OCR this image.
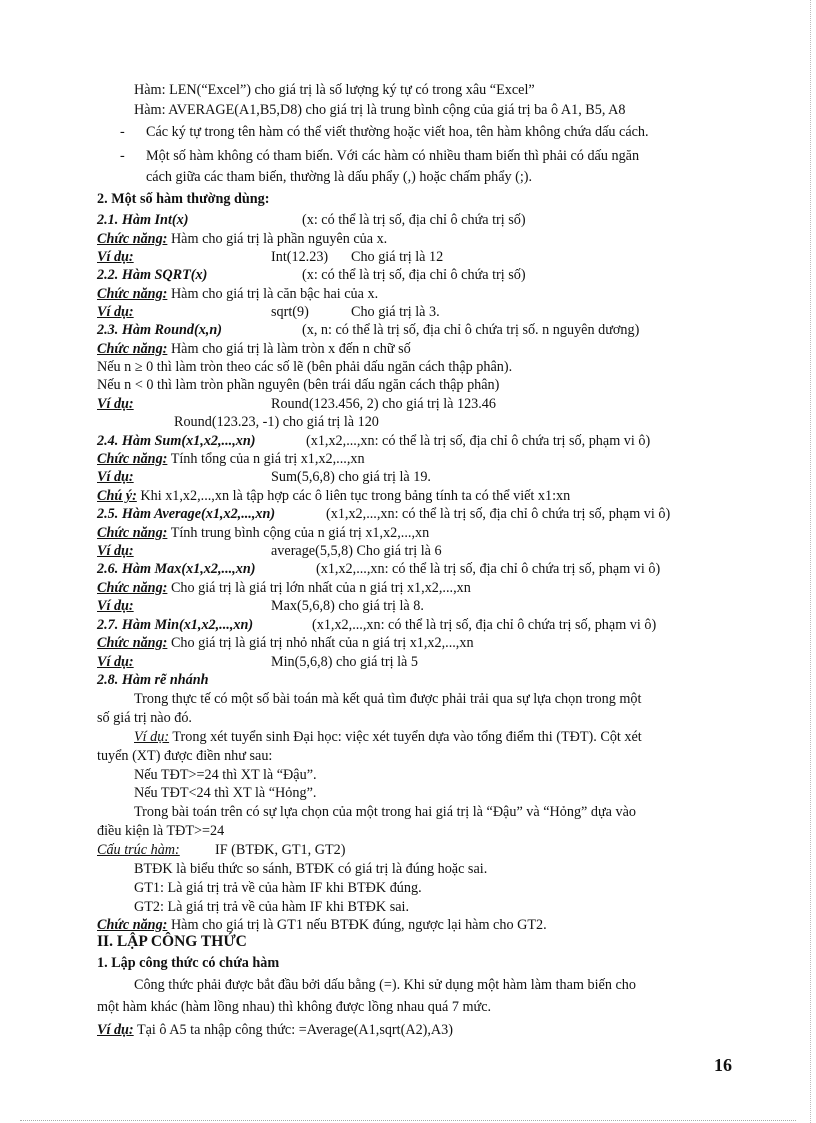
Hàm: LEN(“Excel”) cho giá trị là số lượng ký tự có trong xâu “Excel”
Hàm: AVERAGE(A1,B5,D8) cho giá trị là trung bình cộng của giá trị ba ô A1, B5, A8
- Các ký tự trong tên hàm có thể viết thường hoặc viết hoa, tên hàm không chứa dấu cách.
- Một số hàm không có tham biến. Với các hàm có nhiều tham biến thì phải có dấu ngăn
cách giữa các tham biến, thường là dấu phẩy (,) hoặc chấm phẩy (;).
2. Một số hàm thường dùng:
2.1. Hàm Int(x)	(x: có thể là trị số, địa chỉ ô chứa trị số)
Chức năng: Hàm cho giá trị là phần nguyên của x.
Ví dụ:	Int(12.23) Cho giá trị là 12
2.2. Hàm SQRT(x)	(x: có thể là trị số, địa chỉ ô chứa trị số)
Chức năng: Hàm cho giá trị là căn bậc hai của x.
Ví dụ:	sqrt(9)	Cho giá trị là 3.
2.3. Hàm Round(x,n)	(x, n: có thể là trị số, địa chỉ ô chứa trị số. n nguyên dương)
Chức năng: Hàm cho giá trị là làm tròn x đến n chữ số
Nếu n ≥ 0 thì làm tròn theo các số lẽ (bên phải dấu ngăn cách thập phân).
Nếu n < 0 thì làm tròn phần nguyên (bên trái dấu ngăn cách thập phân)
Ví dụ:	Round(123.456, 2) cho giá trị là 123.46
Round(123.23, -1) cho giá trị là 120
2.4. Hàm Sum(x1,x2,...,xn)	(x1,x2,...,xn: có thể là trị số, địa chỉ ô chứa trị số, phạm vi ô)
Chức năng: Tính tổng của n giá trị x1,x2,...,xn
Ví dụ:	Sum(5,6,8) cho giá trị là 19.
Chú ý: Khi x1,x2,...,xn là tập hợp các ô liên tục trong bảng tính ta có thể viết x1:xn
2.5. Hàm Average(x1,x2,...,xn)	(x1,x2,...,xn: có thể là trị số, địa chỉ ô chứa trị số, phạm vi ô)
Chức năng: Tính trung bình cộng của n giá trị x1,x2,...,xn
Ví dụ:	average(5,5,8) Cho giá trị là 6
2.6. Hàm Max(x1,x2,...,xn)	(x1,x2,...,xn: có thể là trị số, địa chỉ ô chứa trị số, phạm vi ô)
Chức năng: Cho giá trị là giá trị lớn nhất của n giá trị x1,x2,...,xn
Ví dụ:	Max(5,6,8) cho giá trị là 8.
2.7. Hàm Min(x1,x2,...,xn)	(x1,x2,...,xn: có thể là trị số, địa chỉ ô chứa trị số, phạm vi ô)
Chức năng: Cho giá trị là giá trị nhỏ nhất của n giá trị x1,x2,...,xn
Ví dụ:	Min(5,6,8) cho giá trị là 5
2.8. Hàm rẽ nhánh
Trong thực tế có một số bài toán mà kết quả tìm được phải trải qua sự lựa chọn trong một
số giá trị nào đó.
Ví dụ: Trong xét tuyển sinh Đại học: việc xét tuyển dựa vào tổng điểm thi (TĐT). Cột xét
tuyển (XT) được điền như sau:
Nếu TĐT>=24 thì XT là “Đậu”.
Nếu TĐT<24 thì XT là “Hỏng”.
Trong bài toán trên có sự lựa chọn của một trong hai giá trị là “Đậu” và “Hỏng” dựa vào
điều kiện là TĐT>=24
Cấu trúc hàm: IF (BTĐK, GT1, GT2)
BTĐK là biểu thức so sánh, BTĐK có giá trị là đúng hoặc sai.
GT1: Là giá trị trả về của hàm IF khi BTĐK đúng.
GT2: Là giá trị trả về của hàm IF khi BTĐK sai.
Chức năng: Hàm cho giá trị là GT1 nếu BTĐK đúng, ngược lại hàm cho GT2.
II. LẬP CÔNG THỨC
1. Lập công thức có chứa hàm
Công thức phải được bắt đầu bởi dấu bằng (=). Khi sử dụng một hàm làm tham biến cho
một hàm khác (hàm lồng nhau) thì không được lồng nhau quá 7 mức.
Ví dụ: Tại ô A5 ta nhập công thức: =Average(A1,sqrt(A2),A3)
16
